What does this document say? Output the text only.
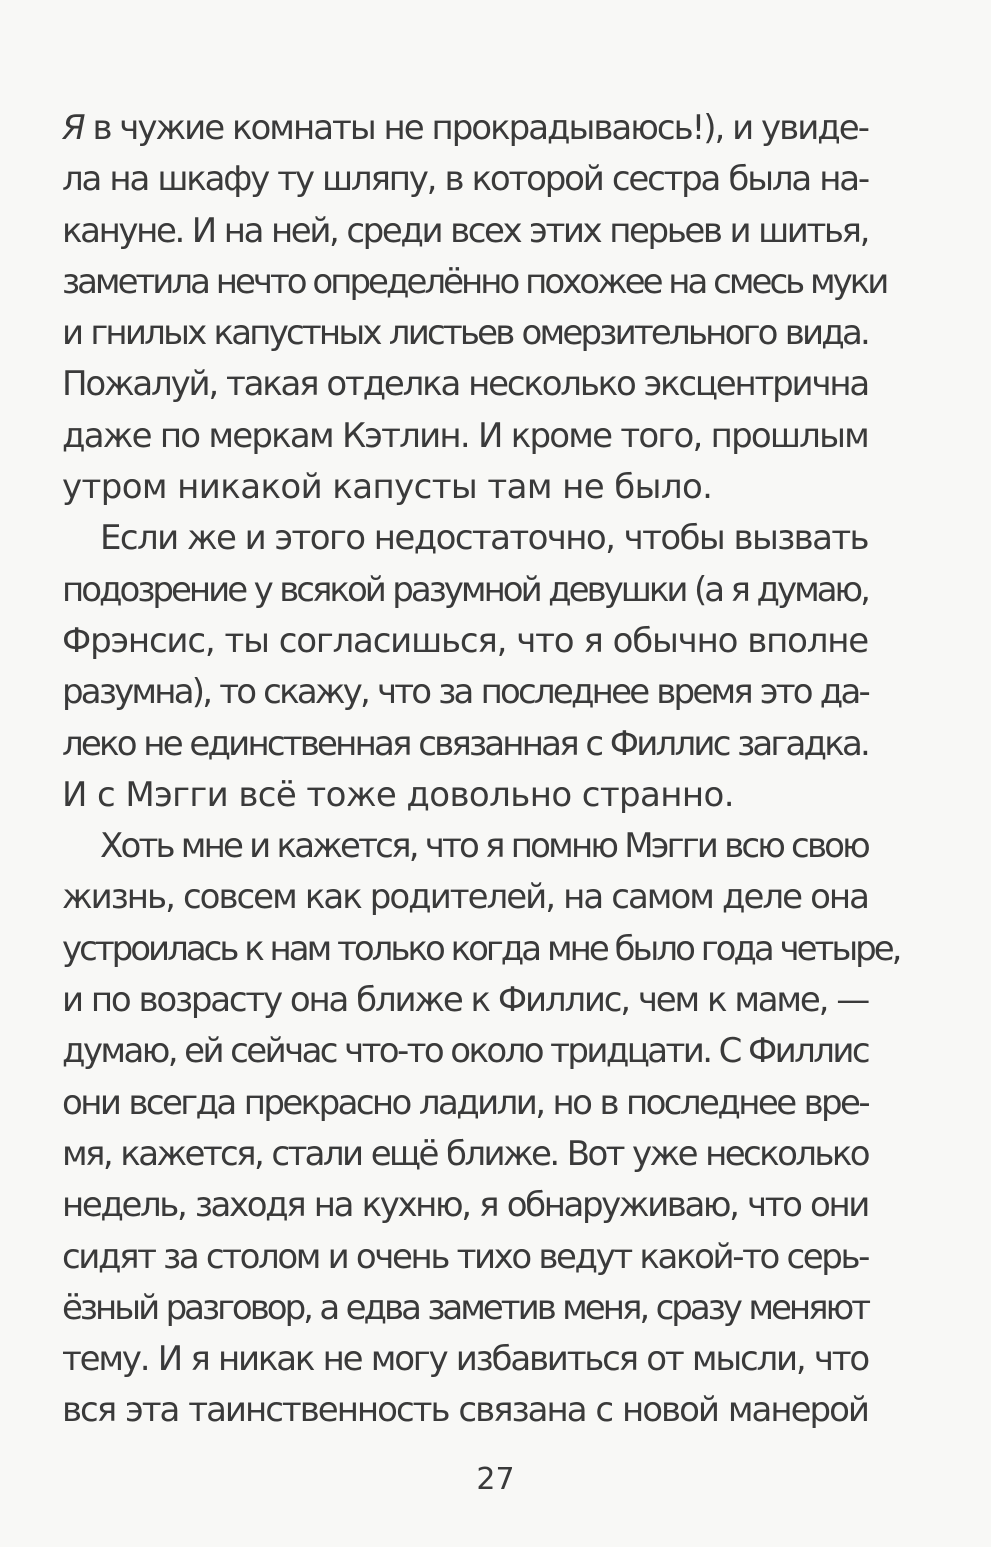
Я в чужие комнаты не прокрадываюсь!), и увиде-
ла на шкафу ту шляпу, в которой сестра была на-
кануне. И на ней, среди всех этих перьев и шитья,
заметила нечто определённо похожее на смесь муки
и гнилых капустных листьев омерзительного вида.
Пожалуй, такая отделка несколько эксцентрична
даже по меркам Кэтлин. И кроме того, прошлым
утром никакой капусты там не было.
Если же и этого недостаточно, чтобы вызвать
подозрение у всякой разумной девушки (а я думаю,
Фрэнсис, ты согласишься, что я обычно вполне
разумна), то скажу, что за последнее время это да-
леко не единственная связанная с Филлис загадка.
И с Мэгги всё тоже довольно странно.
Хоть мне и кажется, что я помню Мэгги всю свою
жизнь, совсем как родителей, на самом деле она
устроилась к нам только когда мне было года четыре,
и по возрасту она ближе к Филлис, чем к маме, —
думаю, ей сейчас что-то около тридцати. С Филлис
они всегда прекрасно ладили, но в последнее вре-
мя, кажется, стали ещё ближе. Вот уже несколько
недель, заходя на кухню, я обнаруживаю, что они
сидят за столом и очень тихо ведут какой-то серь-
ёзный разговор, а едва заметив меня, сразу меняют
тему. И я никак не могу избавиться от мысли, что
вся эта таинственность связана с новой манерой
27
